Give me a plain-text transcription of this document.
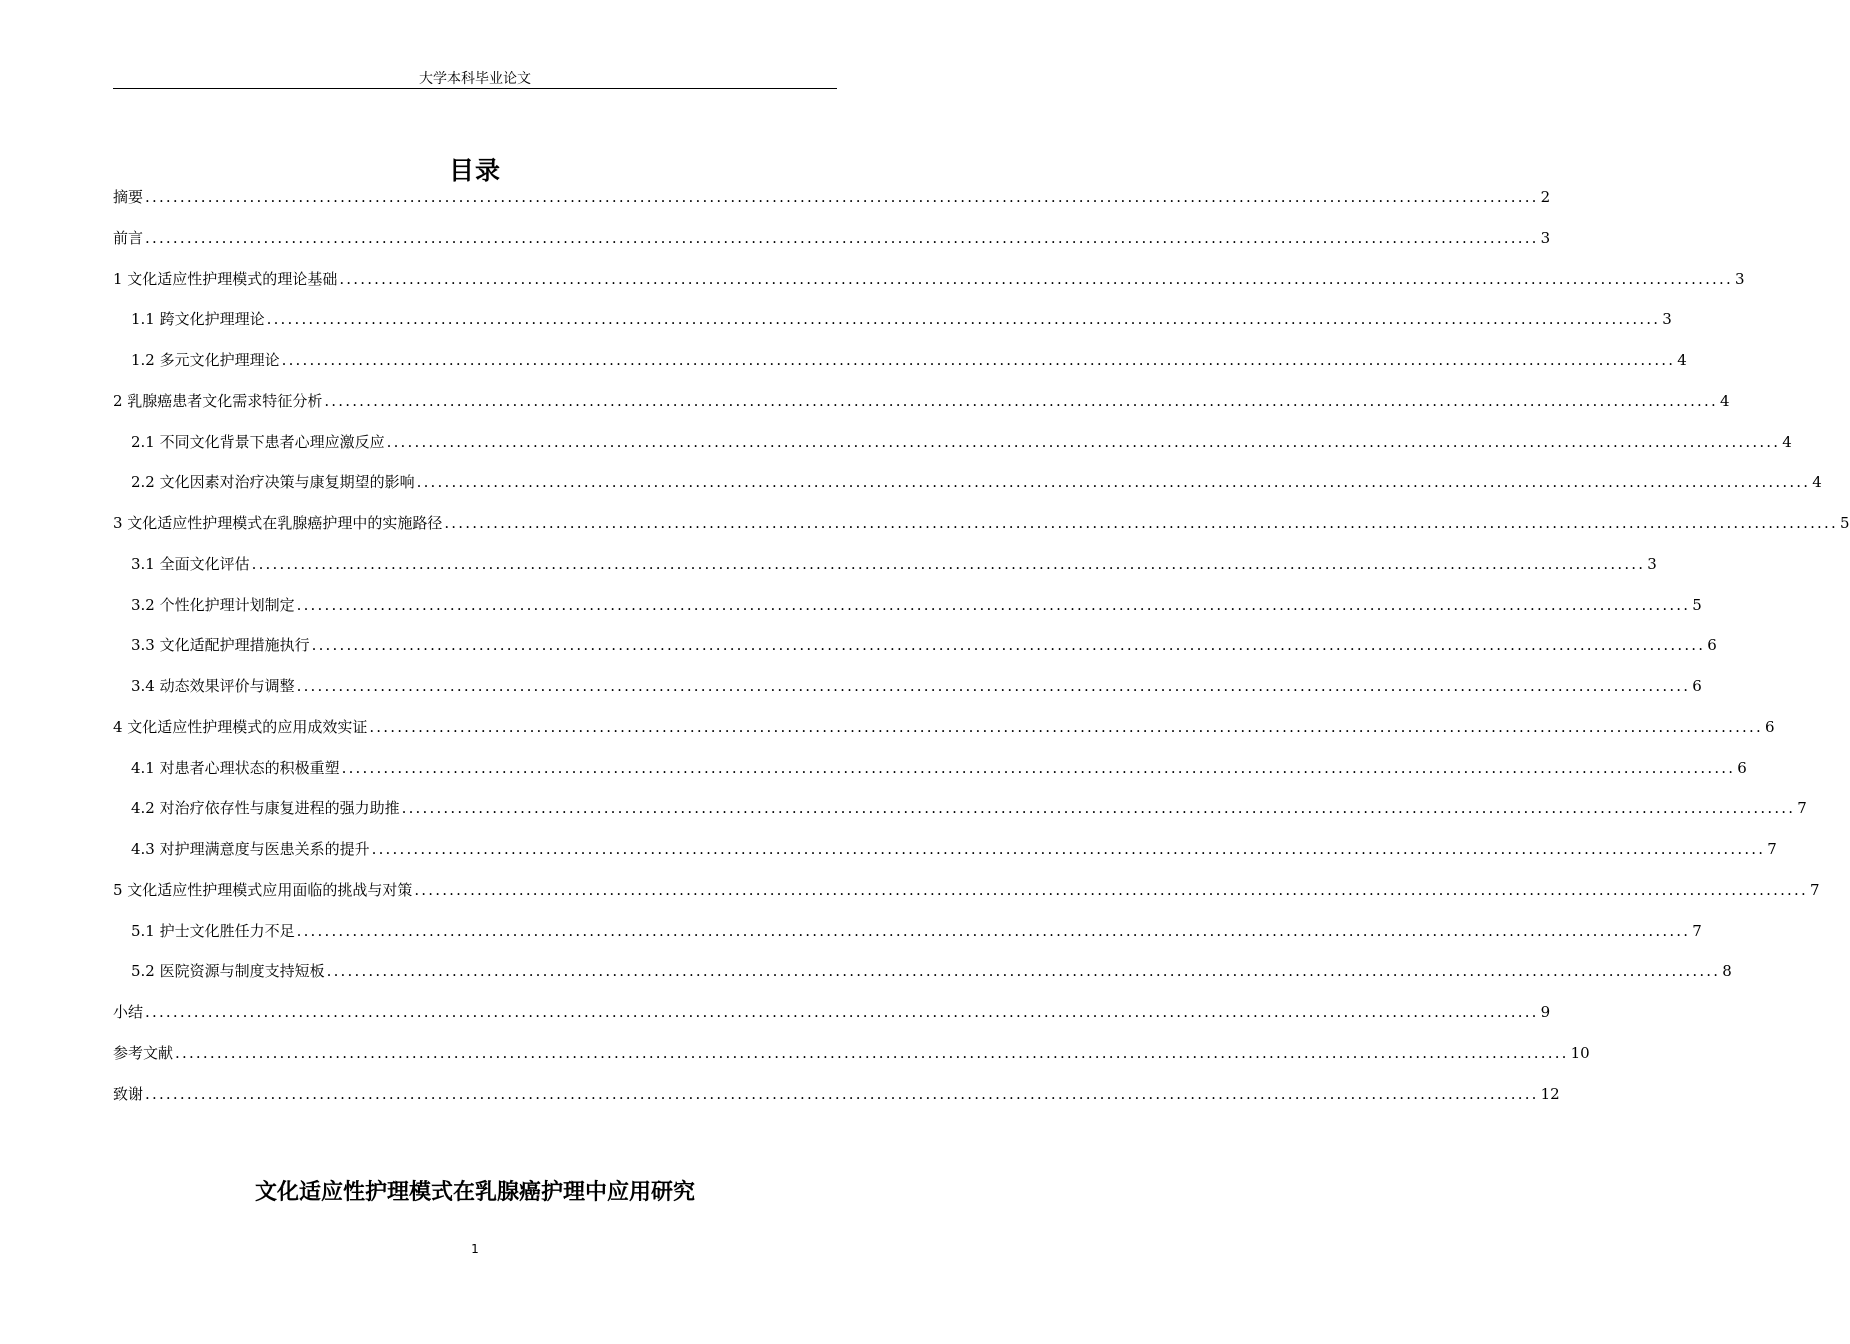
大学本科毕业论文
目录
摘要 ........................................................................................................................................................................................................ 2
前言 ........................................................................................................................................................................................................ 3
1 文化适应性护理模式的理论基础 ........................................................................................................................................................................................................ 3
1.1 跨文化护理理论 ........................................................................................................................................................................................................ 3
1.2 多元文化护理理论 ........................................................................................................................................................................................................ 4
2 乳腺癌患者文化需求特征分析 ........................................................................................................................................................................................................ 4
2.1 不同文化背景下患者心理应激反应 ........................................................................................................................................................................................................ 4
2.2 文化因素对治疗决策与康复期望的影响 ........................................................................................................................................................................................................ 4
3 文化适应性护理模式在乳腺癌护理中的实施路径 ........................................................................................................................................................................................................ 5
3.1 全面文化评估 ........................................................................................................................................................................................................ 3
3.2 个性化护理计划制定 ........................................................................................................................................................................................................ 5
3.3 文化适配护理措施执行 ........................................................................................................................................................................................................ 6
3.4 动态效果评价与调整 ........................................................................................................................................................................................................ 6
4 文化适应性护理模式的应用成效实证 ........................................................................................................................................................................................................ 6
4.1 对患者心理状态的积极重塑 ........................................................................................................................................................................................................ 6
4.2 对治疗依存性与康复进程的强力助推 ........................................................................................................................................................................................................ 7
4.3 对护理满意度与医患关系的提升 ........................................................................................................................................................................................................ 7
5 文化适应性护理模式应用面临的挑战与对策 ........................................................................................................................................................................................................ 7
5.1 护士文化胜任力不足 ........................................................................................................................................................................................................ 7
5.2 医院资源与制度支持短板 ........................................................................................................................................................................................................ 8
小结 ........................................................................................................................................................................................................ 9
参考文献 ........................................................................................................................................................................................................ 10
致谢 ........................................................................................................................................................................................................ 12
文化适应性护理模式在乳腺癌护理中应用研究
1
